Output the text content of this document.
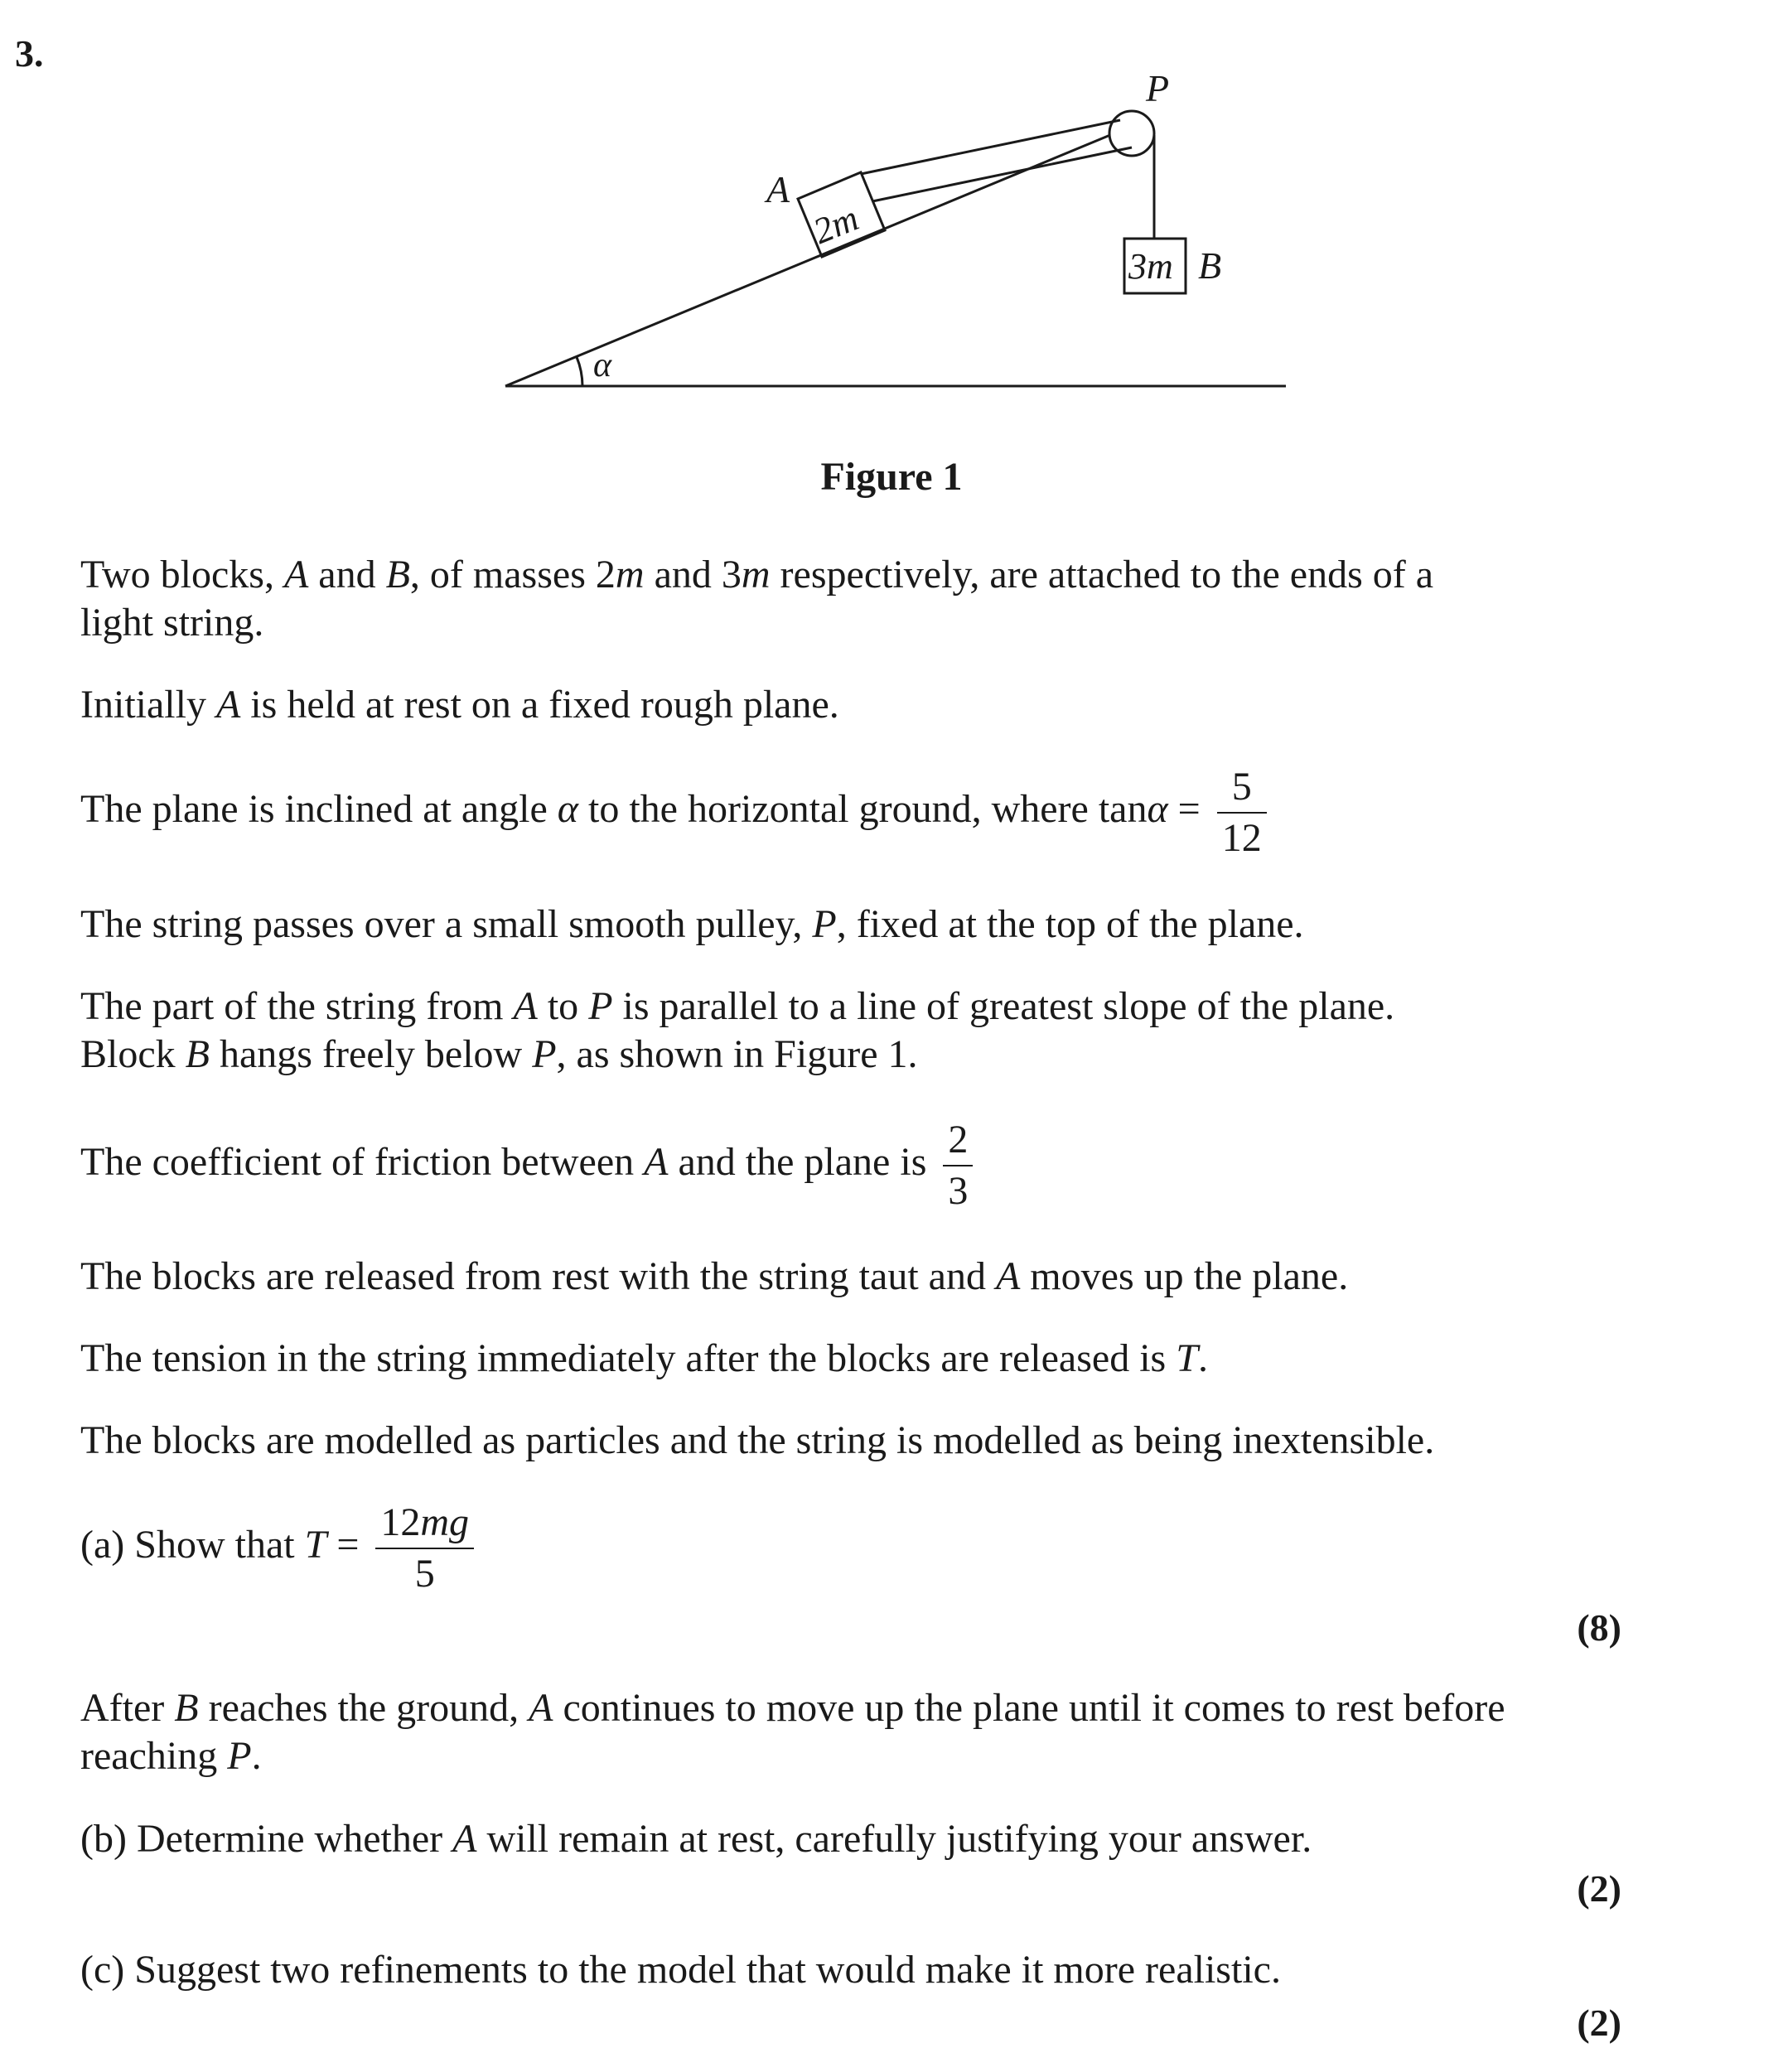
3.
α
A
2m
P
3m B
Figure 1
Two blocks, A and B, of masses 2m and 3m respectively, are attached to the ends of a
light string.
Initially A is held at rest on a fixed rough plane.
The plane is inclined at angle α to the horizontal ground, where $\tan\alpha = \frac{5}{12}$
The string passes over a small smooth pulley, P, fixed at the top of the plane.
The part of the string from A to P is parallel to a line of greatest slope of the plane.
Block B hangs freely below P, as shown in Figure 1.
The coefficient of friction between A and the plane is $\frac{2}{3}$
The blocks are released from rest with the string taut and A moves up the plane.
The tension in the string immediately after the blocks are released is T.
The blocks are modelled as particles and the string is modelled as being inextensible.
(a) Show that $T = \frac{12mg}{5}$
(8)
After B reaches the ground, A continues to move up the plane until it comes to rest before
reaching P.
(b) Determine whether A will remain at rest, carefully justifying your answer.
(2)
(c) Suggest two refinements to the model that would make it more realistic.
(2)
